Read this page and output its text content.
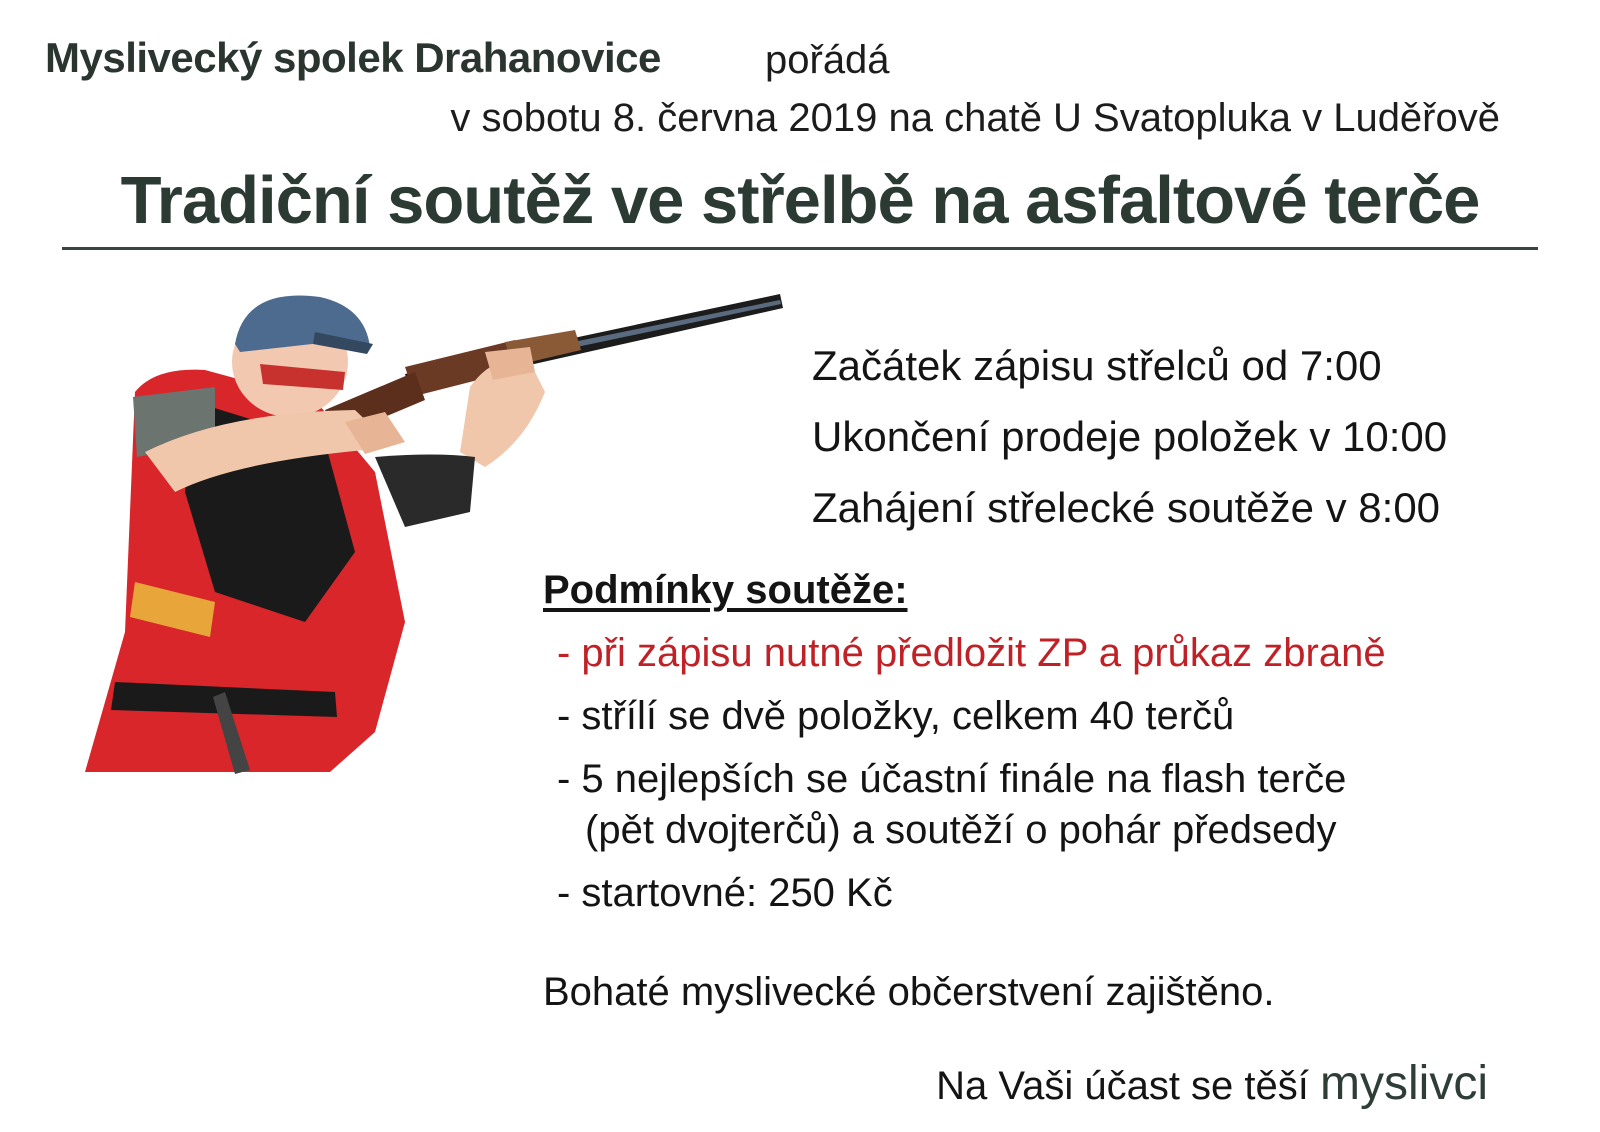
Myslivecký spolek Drahanovice	pořádá
v sobotu 8. června 2019 na chatě U Svatopluka v Luděřově
Tradiční soutěž ve střelbě na asfaltové terče
Začátek zápisu střelců od 7:00
Ukončení prodeje položek v 10:00
Zahájení střelecké soutěže v 8:00
Podmínky soutěže:
- při zápisu nutné předložit ZP a průkaz zbraně
- střílí se dvě položky, celkem 40 terčů
- 5 nejlepších se účastní finále na flash terče
(pět dvojterčů) a soutěží o pohár předsedy
- startovné: 250 Kč
Bohaté myslivecké občerstvení zajištěno.
Na Vaši účast se těší myslivci
